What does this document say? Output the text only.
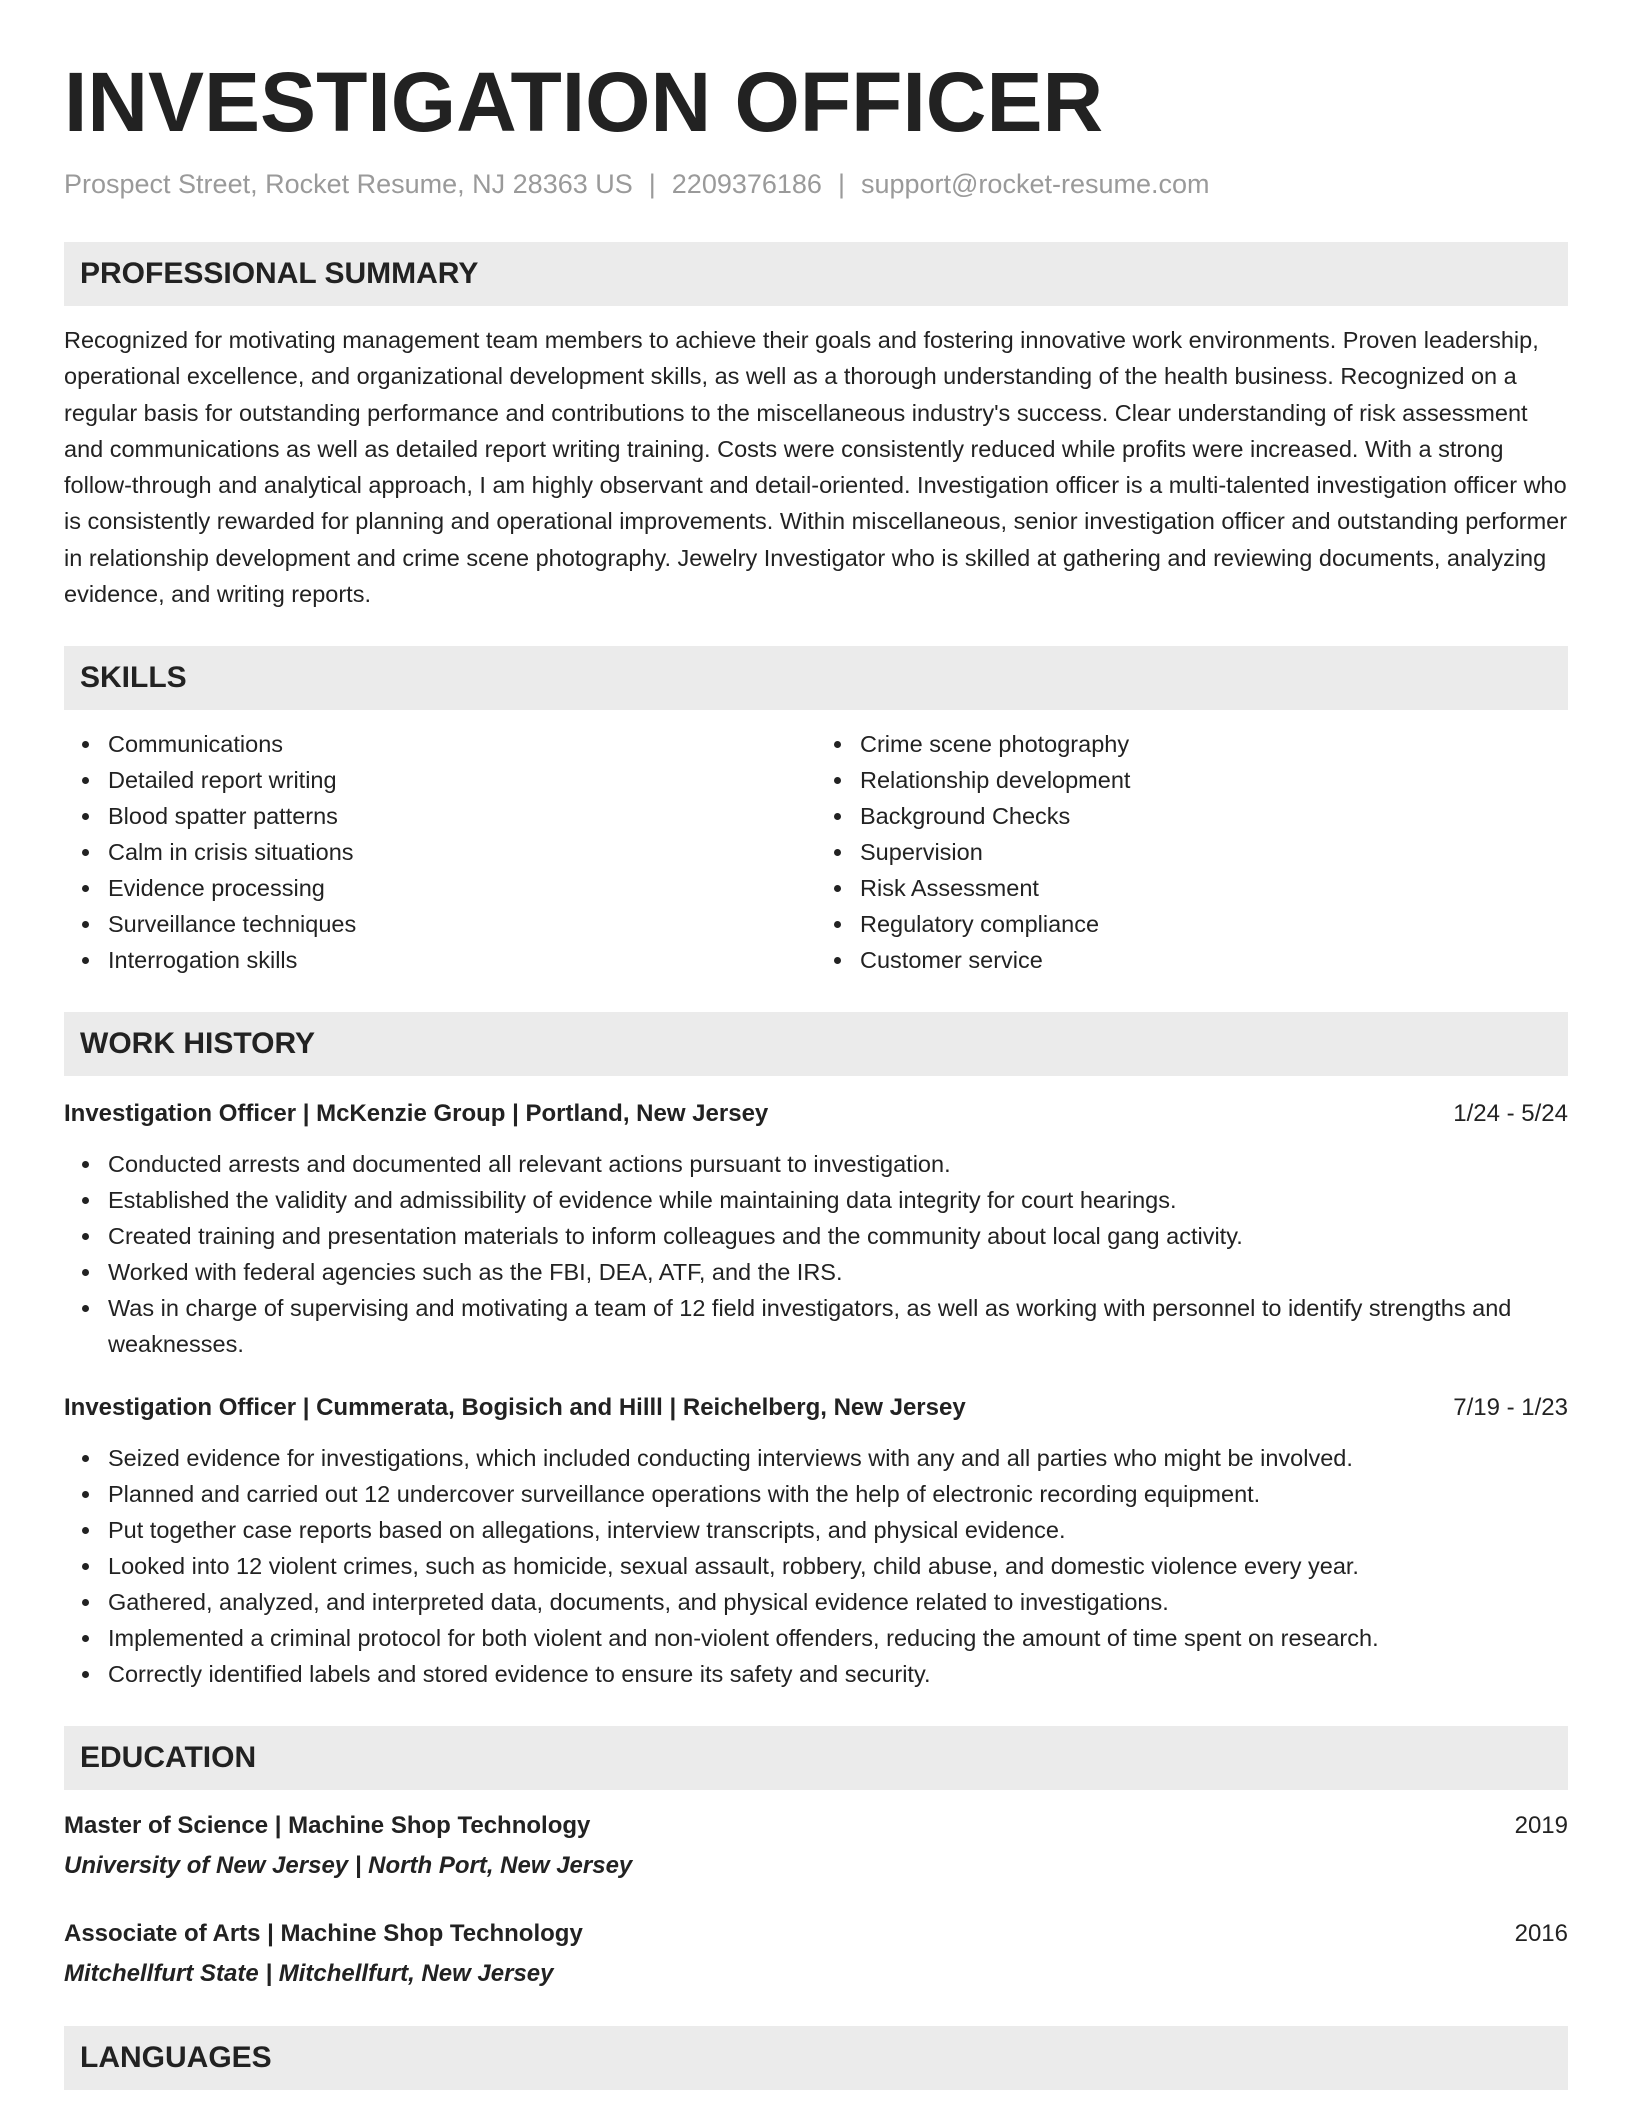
INVESTIGATION OFFICER
Prospect Street, Rocket Resume, NJ 28363 US | 2209376186 | support@rocket-resume.com
PROFESSIONAL SUMMARY
Recognized for motivating management team members to achieve their goals and fostering innovative work environments. Proven leadership, operational excellence, and organizational development skills, as well as a thorough understanding of the health business. Recognized on a regular basis for outstanding performance and contributions to the miscellaneous industry's success. Clear understanding of risk assessment and communications as well as detailed report writing training. Costs were consistently reduced while profits were increased. With a strong follow-through and analytical approach, I am highly observant and detail-oriented. Investigation officer is a multi-talented investigation officer who is consistently rewarded for planning and operational improvements. Within miscellaneous, senior investigation officer and outstanding performer in relationship development and crime scene photography. Jewelry Investigator who is skilled at gathering and reviewing documents, analyzing evidence, and writing reports.
SKILLS
Communications
Detailed report writing
Blood spatter patterns
Calm in crisis situations
Evidence processing
Surveillance techniques
Interrogation skills
Crime scene photography
Relationship development
Background Checks
Supervision
Risk Assessment
Regulatory compliance
Customer service
WORK HISTORY
Investigation Officer | McKenzie Group | Portland, New Jersey	1/24 - 5/24
Conducted arrests and documented all relevant actions pursuant to investigation.
Established the validity and admissibility of evidence while maintaining data integrity for court hearings.
Created training and presentation materials to inform colleagues and the community about local gang activity.
Worked with federal agencies such as the FBI, DEA, ATF, and the IRS.
Was in charge of supervising and motivating a team of 12 field investigators, as well as working with personnel to identify strengths and weaknesses.
Investigation Officer | Cummerata, Bogisich and Hilll | Reichelberg, New Jersey	7/19 - 1/23
Seized evidence for investigations, which included conducting interviews with any and all parties who might be involved.
Planned and carried out 12 undercover surveillance operations with the help of electronic recording equipment.
Put together case reports based on allegations, interview transcripts, and physical evidence.
Looked into 12 violent crimes, such as homicide, sexual assault, robbery, child abuse, and domestic violence every year.
Gathered, analyzed, and interpreted data, documents, and physical evidence related to investigations.
Implemented a criminal protocol for both violent and non-violent offenders, reducing the amount of time spent on research.
Correctly identified labels and stored evidence to ensure its safety and security.
EDUCATION
Master of Science | Machine Shop Technology	2019
University of New Jersey | North Port, New Jersey
Associate of Arts | Machine Shop Technology	2016
Mitchellfurt State | Mitchellfurt, New Jersey
LANGUAGES
